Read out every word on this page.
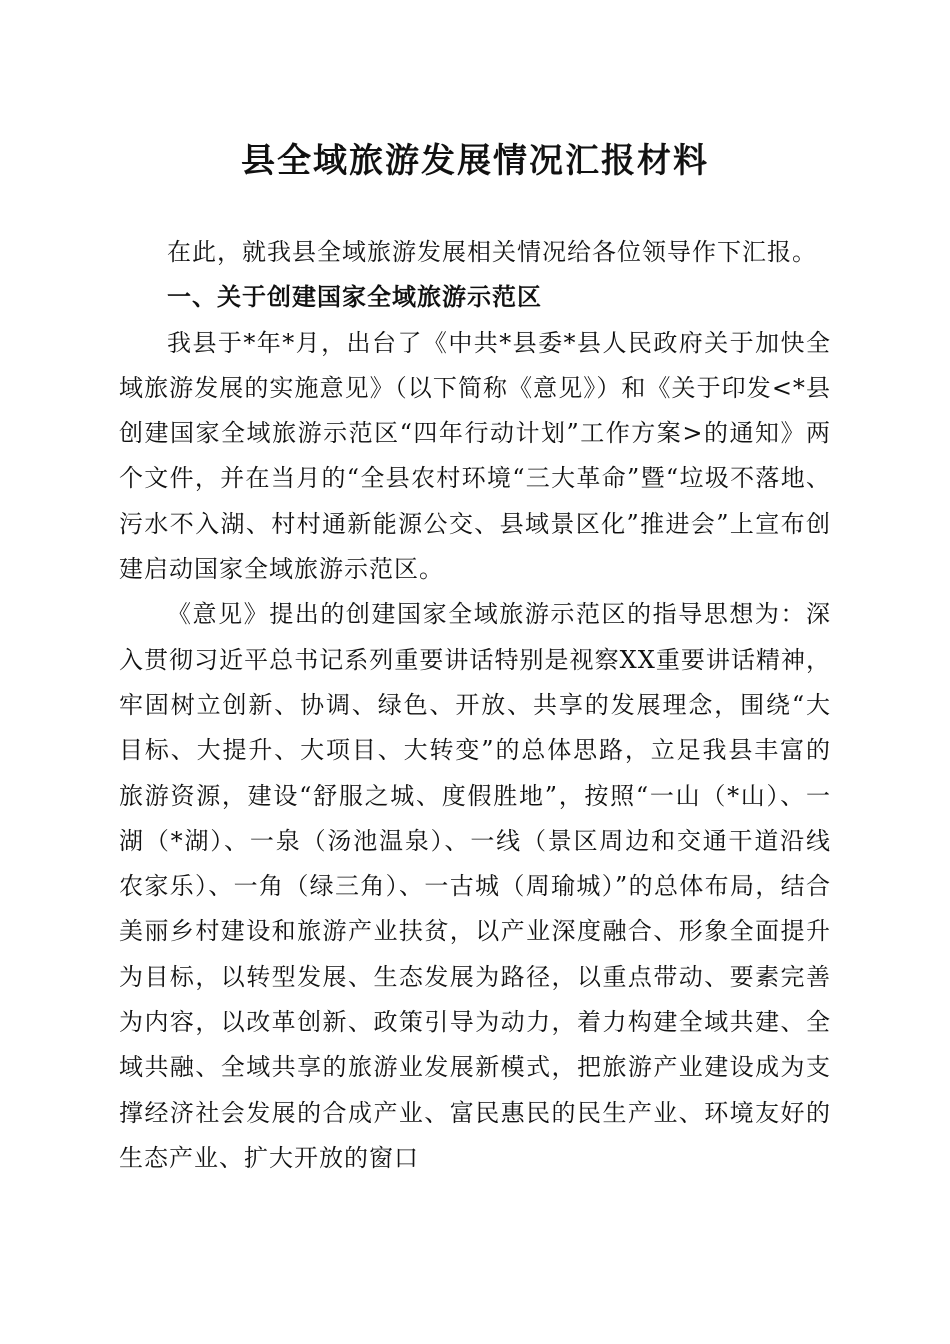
县全域旅游发展情况汇报材料

在此，就我县全域旅游发展相关情况给各位领导作下汇报。

一、关于创建国家全域旅游示范区

我县于*年*月，出台了《中共*县委*县人民政府关于加快全域旅游发展的实施意见》（以下简称《意见》）和《关于印发<*县创建国家全域旅游示范区“四年行动计划”工作方案>的通知》两个文件，并在当月的“全县农村环境“三大革命”暨“垃圾不落地、污水不入湖、村村通新能源公交、县域景区化”推进会”上宣布创建启动国家全域旅游示范区。

《意见》提出的创建国家全域旅游示范区的指导思想为：深入贯彻习近平总书记系列重要讲话特别是视察XX重要讲话精神，牢固树立创新、协调、绿色、开放、共享的发展理念，围绕“大目标、大提升、大项目、大转变”的总体思路，立足我县丰富的旅游资源，建设“舒服之城、度假胜地”，按照“一山（*山）、一湖（*湖）、一泉（汤池温泉）、一线（景区周边和交通干道沿线农家乐）、一角（绿三角）、一古城（周瑜城）”的总体布局，结合美丽乡村建设和旅游产业扶贫，以产业深度融合、形象全面提升为目标，以转型发展、生态发展为路径，以重点带动、要素完善为内容，以改革创新、政策引导为动力，着力构建全域共建、全域共融、全域共享的旅游业发展新模式，把旅游产业建设成为支撑经济社会发展的合成产业、富民惠民的民生产业、环境友好的生态产业、扩大开放的窗口
